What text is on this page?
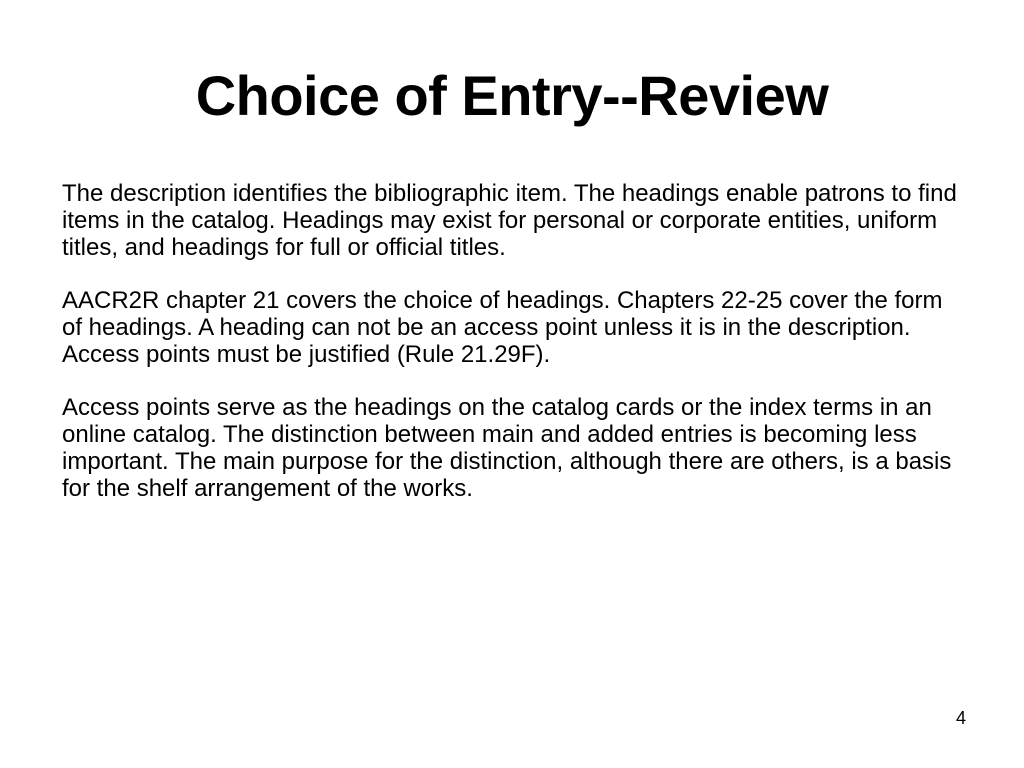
Choice of Entry--Review

The description identifies the bibliographic item. The headings enable patrons to find items in the catalog. Headings may exist for personal or corporate entities, uniform titles, and headings for full or official titles.

AACR2R chapter 21 covers the choice of headings. Chapters 22-25 cover the form of headings. A heading can not be an access point unless it is in the description. Access points must be justified (Rule 21.29F).

Access points serve as the headings on the catalog cards or the index terms in an online catalog. The distinction between main and added entries is becoming less important. The main purpose for the distinction, although there are others, is a basis for the shelf arrangement of the works.

4
